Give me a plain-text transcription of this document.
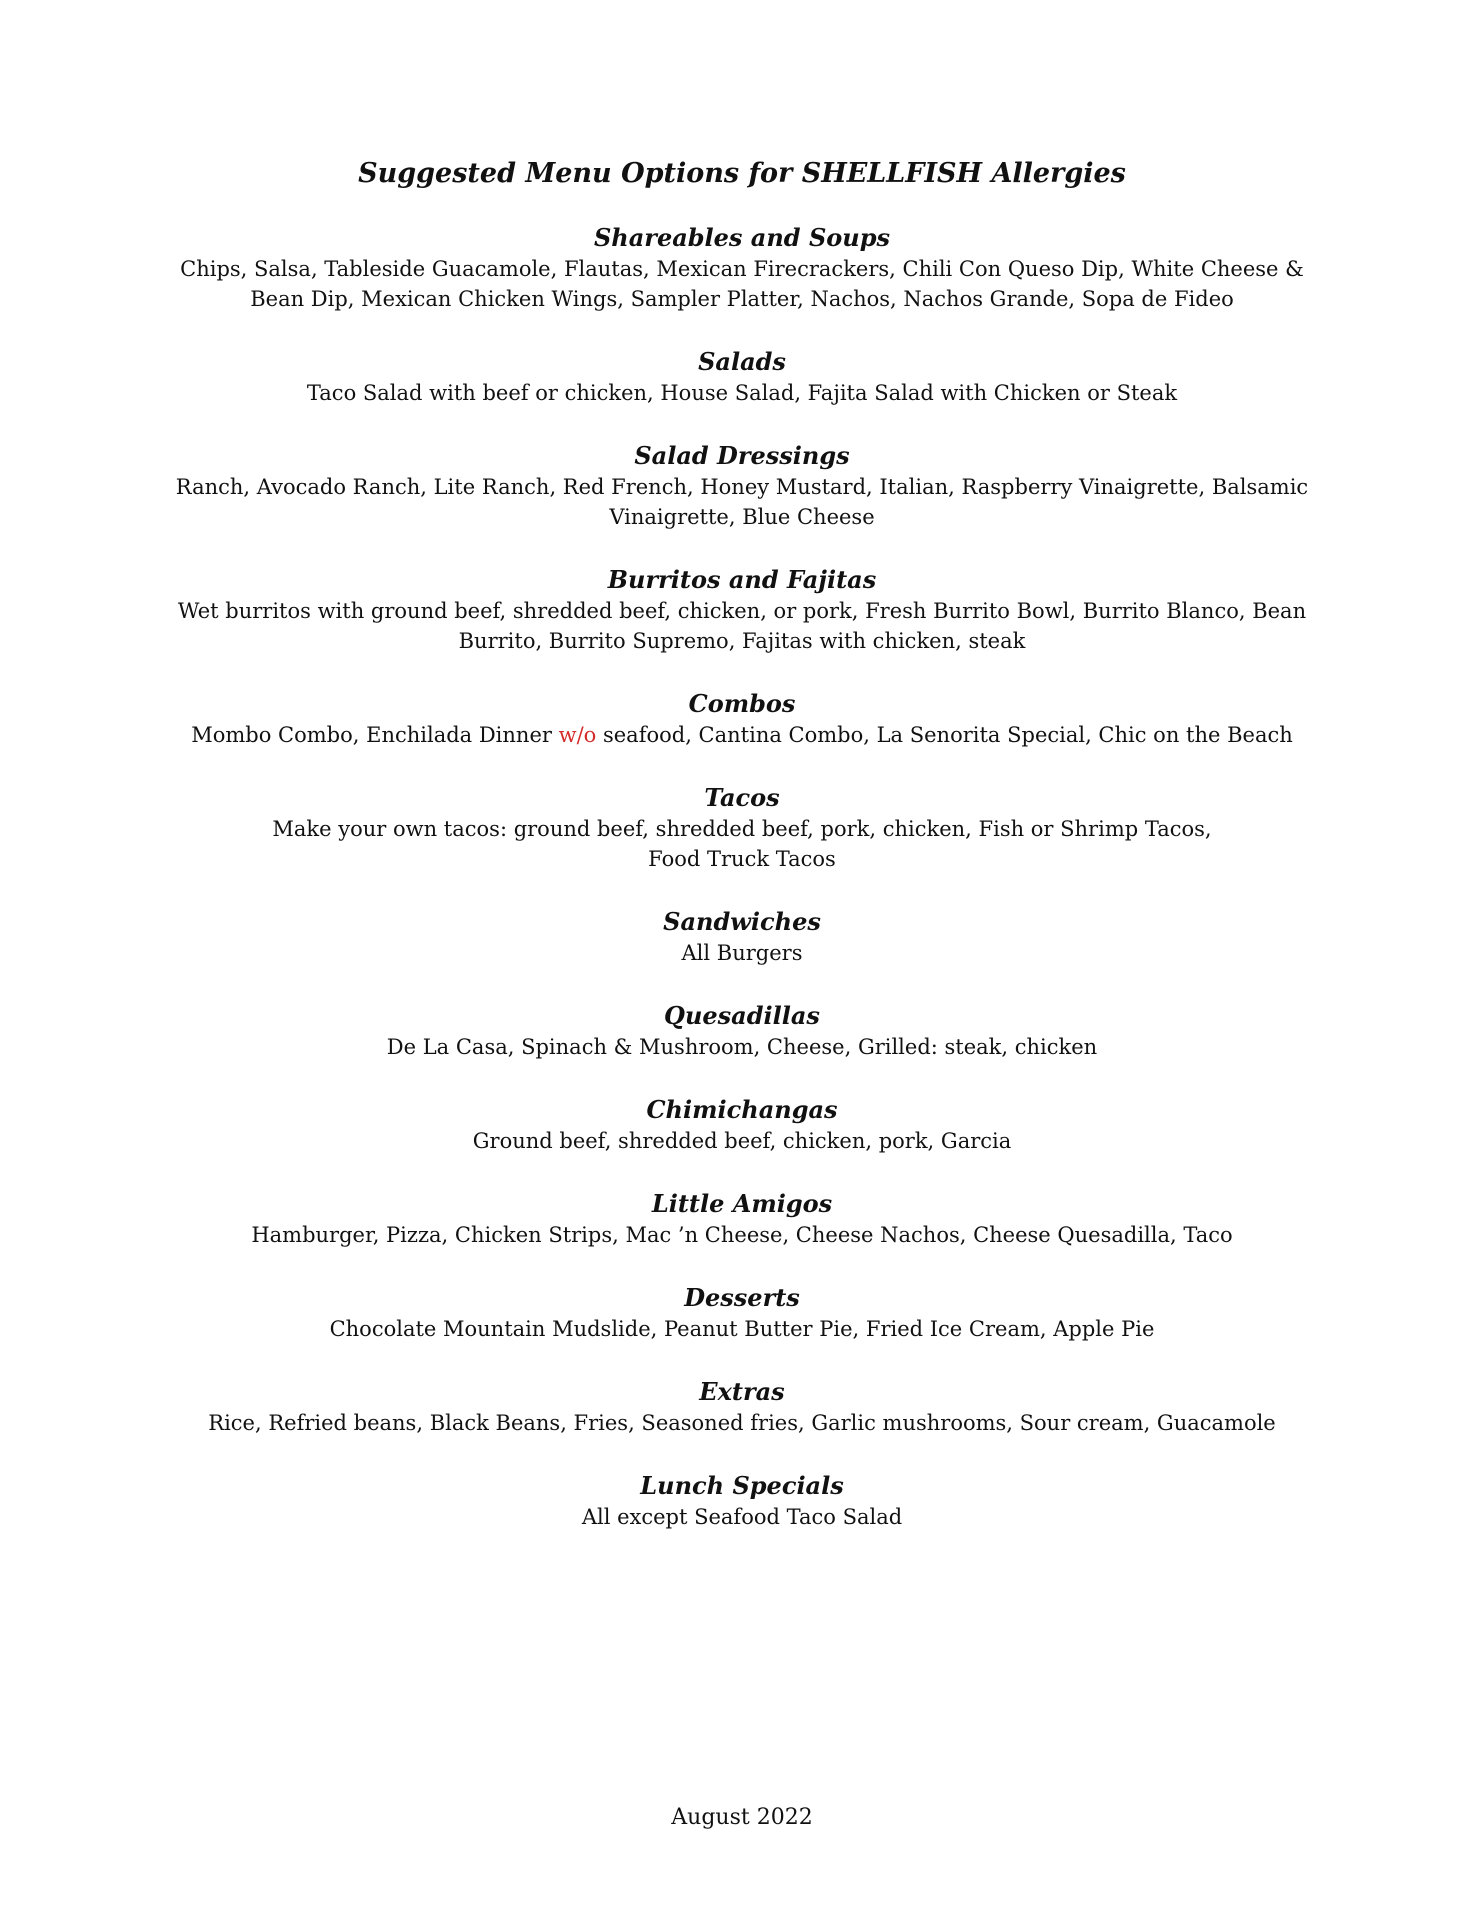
Suggested Menu Options for SHELLFISH Allergies

Shareables and Soups

Chips, Salsa, Tableside Guacamole, Flautas, Mexican Firecrackers, Chili Con Queso Dip, White Cheese & Bean Dip, Mexican Chicken Wings, Sampler Platter, Nachos, Nachos Grande, Sopa de Fideo

Salads

Taco Salad with beef or chicken, House Salad, Fajita Salad with Chicken or Steak

Salad Dressings

Ranch, Avocado Ranch, Lite Ranch, Red French, Honey Mustard, Italian, Raspberry Vinaigrette, Balsamic Vinaigrette, Blue Cheese

Burritos and Fajitas

Wet burritos with ground beef, shredded beef, chicken, or pork, Fresh Burrito Bowl, Burrito Blanco, Bean Burrito, Burrito Supremo, Fajitas with chicken, steak

Combos

Mombo Combo, Enchilada Dinner w/o seafood, Cantina Combo, La Senorita Special, Chic on the Beach

Tacos

Make your own tacos: ground beef, shredded beef, pork, chicken, Fish or Shrimp Tacos,
Food Truck Tacos

Sandwiches

All Burgers

Quesadillas

De La Casa, Spinach & Mushroom, Cheese, Grilled: steak, chicken

Chimichangas

Ground beef, shredded beef, chicken, pork, Garcia

Little Amigos

Hamburger, Pizza, Chicken Strips, Mac ’n Cheese, Cheese Nachos, Cheese Quesadilla, Taco

Desserts

Chocolate Mountain Mudslide, Peanut Butter Pie, Fried Ice Cream, Apple Pie

Extras

Rice, Refried beans, Black Beans, Fries, Seasoned fries, Garlic mushrooms, Sour cream, Guacamole

Lunch Specials

All except Seafood Taco Salad

August 2022
